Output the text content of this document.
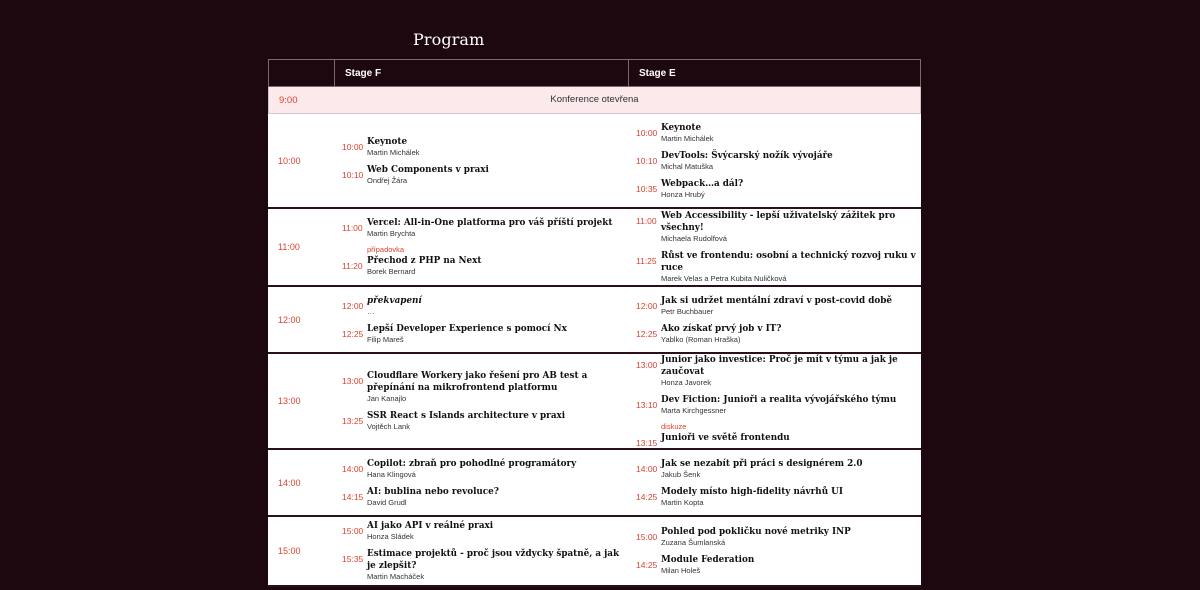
Program
Stage F	Stage E
9:00	Konference otevřena
10:00
10:00 Keynote
Martin Michálek
10:10 Web Components v praxi
Ondřej Žára
10:00 Keynote
Martin Michálek
10:10 DevTools: Švýcarský nožík vývojáře
Michal Matuška
10:35 Webpack…a dál?
Honza Hrubý
11:00
11:00 Vercel: All-in-One platforma pro váš příští projekt
Martin Brychta
11:20
případovka
Přechod z PHP na Next
Borek Bernard
11:00 Web Accessibility - lepší uživatelský zážitek pro všechny!
Michaela Rudolfová
11:25 Růst ve frontendu: osobní a technický rozvoj ruku v ruce
Marek Velas a Petra Kubita Nuličková
12:00
12:00 překvapení
…
12:25 Lepší Developer Experience s pomocí Nx
Filip Mareš
12:00 Jak si udržet mentální zdraví v post-covid době
Petr Buchbauer
12:25 Ako získať prvý job v IT?
Yablko (Roman Hraška)
13:00
13:00 Cloudflare Workery jako řešení pro AB test a přepínání na mikrofrontend platformu
Jan Kanajlo
13:25 SSR React s Islands architecture v praxi
Vojtěch Lank
13:00 Junior jako investice: Proč je mít v týmu a jak je zaučovat
Honza Javorek
13:10 Dev Fiction: Junioři a realita vývojářského týmu
Marta Kirchgessner
13:15
diskuze
Junioři ve světě frontendu
14:00
14:00 Copilot: zbraň pro pohodlné programátory
Hana Klingová
14:15 AI: bublina nebo revoluce?
David Grudl
14:00 Jak se nezabít při práci s designérem 2.0
Jakub Šenk
14:25 Modely místo high-fidelity návrhů UI
Martin Kopta
15:00
15:00 AI jako API v reálné praxi
Honza Sládek
15:35 Estimace projektů - proč jsou vždycky špatně, a jak je zlepšit?
Martin Macháček
15:00 Pohled pod pokličku nové metriky INP
Zuzana Šumlanská
14:25 Module Federation
Milan Holeš
